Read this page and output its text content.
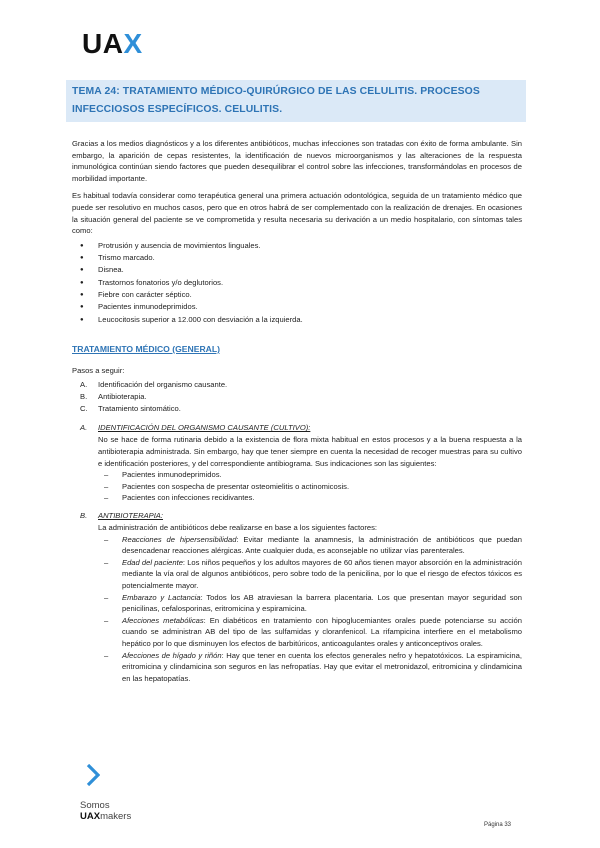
UAX
TEMA 24: TRATAMIENTO MÉDICO-QUIRÚRGICO DE LAS CELULITIS. PROCESOS INFECCIOSOS ESPECÍFICOS. CELULITIS.

Gracias a los medios diagnósticos y a los diferentes antibióticos, muchas infecciones son tratadas con éxito de forma ambulante. Sin embargo, la aparición de cepas resistentes, la identificación de nuevos microorganismos y las alteraciones de la respuesta inmunológica continúan siendo factores que pueden desequilibrar el control sobre las infecciones, transformándolas en procesos de morbilidad importante.

Es habitual todavía considerar como terapéutica general una primera actuación odontológica, seguida de un tratamiento médico que puede ser resolutivo en muchos casos, pero que en otros habrá de ser complementado con la realización de drenajes. En ocasiones la situación general del paciente se ve comprometida y resulta necesaria su derivación a un medio hospitalario, con síntomas tales como:

● Protrusión y ausencia de movimientos linguales.
● Trismo marcado.
● Disnea.
● Trastornos fonatorios y/o deglutorios.
● Fiebre con carácter séptico.
● Pacientes inmunodeprimidos.
● Leucocitosis superior a 12.000 con desviación a la izquierda.
TRATAMIENTO MÉDICO (GENERAL)
Pasos a seguir:
A. Identificación del organismo causante.
B. Antibioterapia.
C. Tratamiento sintomático.
A. IDENTIFICACIÓN DEL ORGANISMO CAUSANTE (CULTIVO):

No se hace de forma rutinaria debido a la existencia de flora mixta habitual en estos procesos y a la buena respuesta a la antibioterapia administrada. Sin embargo, hay que tener siempre en cuenta la necesidad de recoger muestras para su cultivo e identificación posteriores, y del correspondiente antibiograma. Sus indicaciones son las siguientes:

– Pacientes inmunodeprimidos.
– Pacientes con sospecha de presentar osteomielitis o actinomicosis.
– Pacientes con infecciones recidivantes.
B. ANTIBIOTERAPIA:

La administración de antibióticos debe realizarse en base a los siguientes factores:

– Reacciones de hipersensibilidad: Evitar mediante la anamnesis, la administración de antibióticos que puedan desencadenar reacciones alérgicas. Ante cualquier duda, es aconsejable no utilizar vías parenterales.
– Edad del paciente: Los niños pequeños y los adultos mayores de 60 años tienen mayor absorción en la administración mediante la vía oral de algunos antibióticos, pero sobre todo de la penicilina, por lo que el riesgo de efectos tóxicos es potencialmente mayor.
– Embarazo y Lactancia: Todos los AB atraviesan la barrera placentaria. Los que presentan mayor seguridad son penicilinas, cefalosporinas, eritromicina y espiramicina.
– Afecciones metabólicas: En diabéticos en tratamiento con hipoglucemiantes orales puede potenciarse su acción cuando se administran AB del tipo de las sulfamidas y cloranfenicol. La rifampicina interfiere en el metabolismo hepático por lo que disminuyen los efectos de barbitúricos, anticoagulantes orales y anticonceptivos orales.
– Afecciones de hígado y riñón: Hay que tener en cuenta los efectos generales nefro y hepatotóxicos. La espiramicina, eritromicina y clindamicina son seguros en las nefropatías. Hay que evitar el metronidazol, eritromicina y clindamicina en las hepatopatías.
Somos
UAXmakers
Página 33
